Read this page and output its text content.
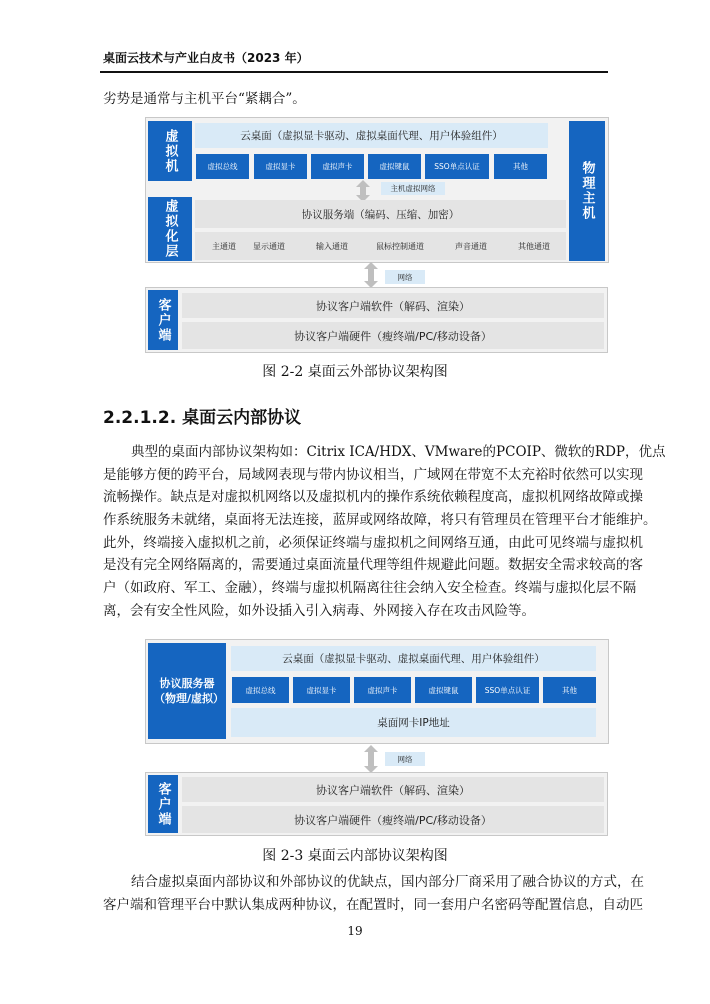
桌面云技术与产业白皮书（2023 年）
劣势是通常与主机平台“紧耦合”。
虚拟机
物理主机
云桌面（虚拟显卡驱动、虚拟桌面代理、用户体验组件）
虚拟总线	虚拟显卡	虚拟声卡	虚拟键鼠	SSO单点认证	其他
主机虚拟网络
虚拟化层	协议服务端（编码、压缩、加密）
主通道	显示通道	输入通道	鼠标控制通道	声音通道	其他通道
网络
客户端	协议客户端软件（解码、渲染）
协议客户端硬件（瘦终端/PC/移动设备）
图 2-2 桌面云外部协议架构图
2.2.1.2. 桌面云内部协议
典型的桌面内部协议架构如：Citrix ICA/HDX、VMware的PCOIP、微软的RDP，优点
是能够方便的跨平台，局域网表现与带内协议相当，广域网在带宽不太充裕时依然可以实现
流畅操作。缺点是对虚拟机网络以及虚拟机内的操作系统依赖程度高，虚拟机网络故障或操
作系统服务未就绪，桌面将无法连接，蓝屏或网络故障，将只有管理员在管理平台才能维护。
此外，终端接入虚拟机之前，必须保证终端与虚拟机之间网络互通，由此可见终端与虚拟机
是没有完全网络隔离的，需要通过桌面流量代理等组件规避此问题。数据安全需求较高的客
户（如政府、军工、金融），终端与虚拟机隔离往往会纳入安全检查。终端与虚拟化层不隔
离，会有安全性风险，如外设插入引入病毒、外网接入存在攻击风险等。
协议服务器（物理/虚拟）
云桌面（虚拟显卡驱动、虚拟桌面代理、用户体验组件）
虚拟总线	虚拟显卡	虚拟声卡	虚拟键鼠	SSO单点认证	其他
桌面网卡IP地址
网络
客户端	协议客户端软件（解码、渲染）
协议客户端硬件（瘦终端/PC/移动设备）
图 2-3 桌面云内部协议架构图
结合虚拟桌面内部协议和外部协议的优缺点，国内部分厂商采用了融合协议的方式，在
客户端和管理平台中默认集成两种协议，在配置时，同一套用户名密码等配置信息，自动匹
19
